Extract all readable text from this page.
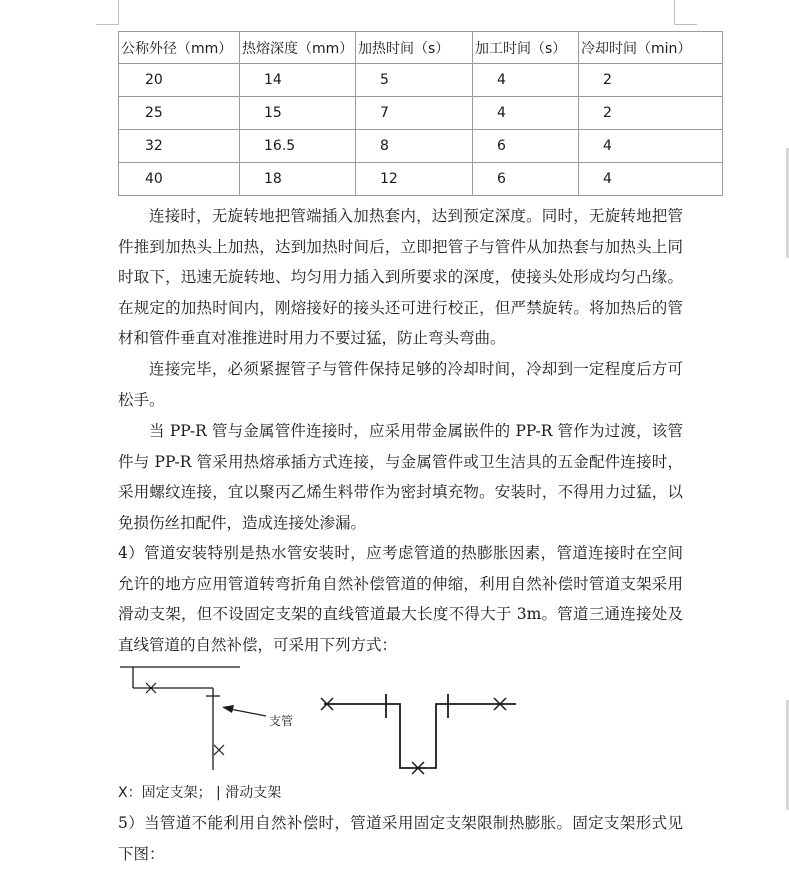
公称外径（mm）	热熔深度（mm）	加热时间（s）	加工时间（s）	冷却时间（min）
20	14	5	4	2
25	15	7	4	2
32	16.5	8	6	4
40	18	12	6	4

连接时，无旋转地把管端插入加热套内，达到预定深度。同时，无旋转地把管件推到加热头上加热，达到加热时间后，立即把管子与管件从加热套与加热头上同时取下，迅速无旋转地、均匀用力插入到所要求的深度，使接头处形成均匀凸缘。在规定的加热时间内，刚熔接好的接头还可进行校正，但严禁旋转。将加热后的管材和管件垂直对准推进时用力不要过猛，防止弯头弯曲。

连接完毕，必须紧握管子与管件保持足够的冷却时间，冷却到一定程度后方可松手。

当 PP-R 管与金属管件连接时，应采用带金属嵌件的 PP-R 管作为过渡，该管件与 PP-R 管采用热熔承插方式连接，与金属管件或卫生洁具的五金配件连接时，采用螺纹连接，宜以聚丙乙烯生料带作为密封填充物。安装时，不得用力过猛，以免损伤丝扣配件，造成连接处渗漏。

4）管道安装特别是热水管安装时，应考虑管道的热膨胀因素，管道连接时在空间允许的地方应用管道转弯折角自然补偿管道的伸缩，利用自然补偿时管道支架采用滑动支架，但不设固定支架的直线管道最大长度不得大于 3m。管道三通连接处及直线管道的自然补偿，可采用下列方式：

支管
X：固定支架； | 滑动支架

5）当管道不能利用自然补偿时，管道采用固定支架限制热膨胀。固定支架形式见下图：
